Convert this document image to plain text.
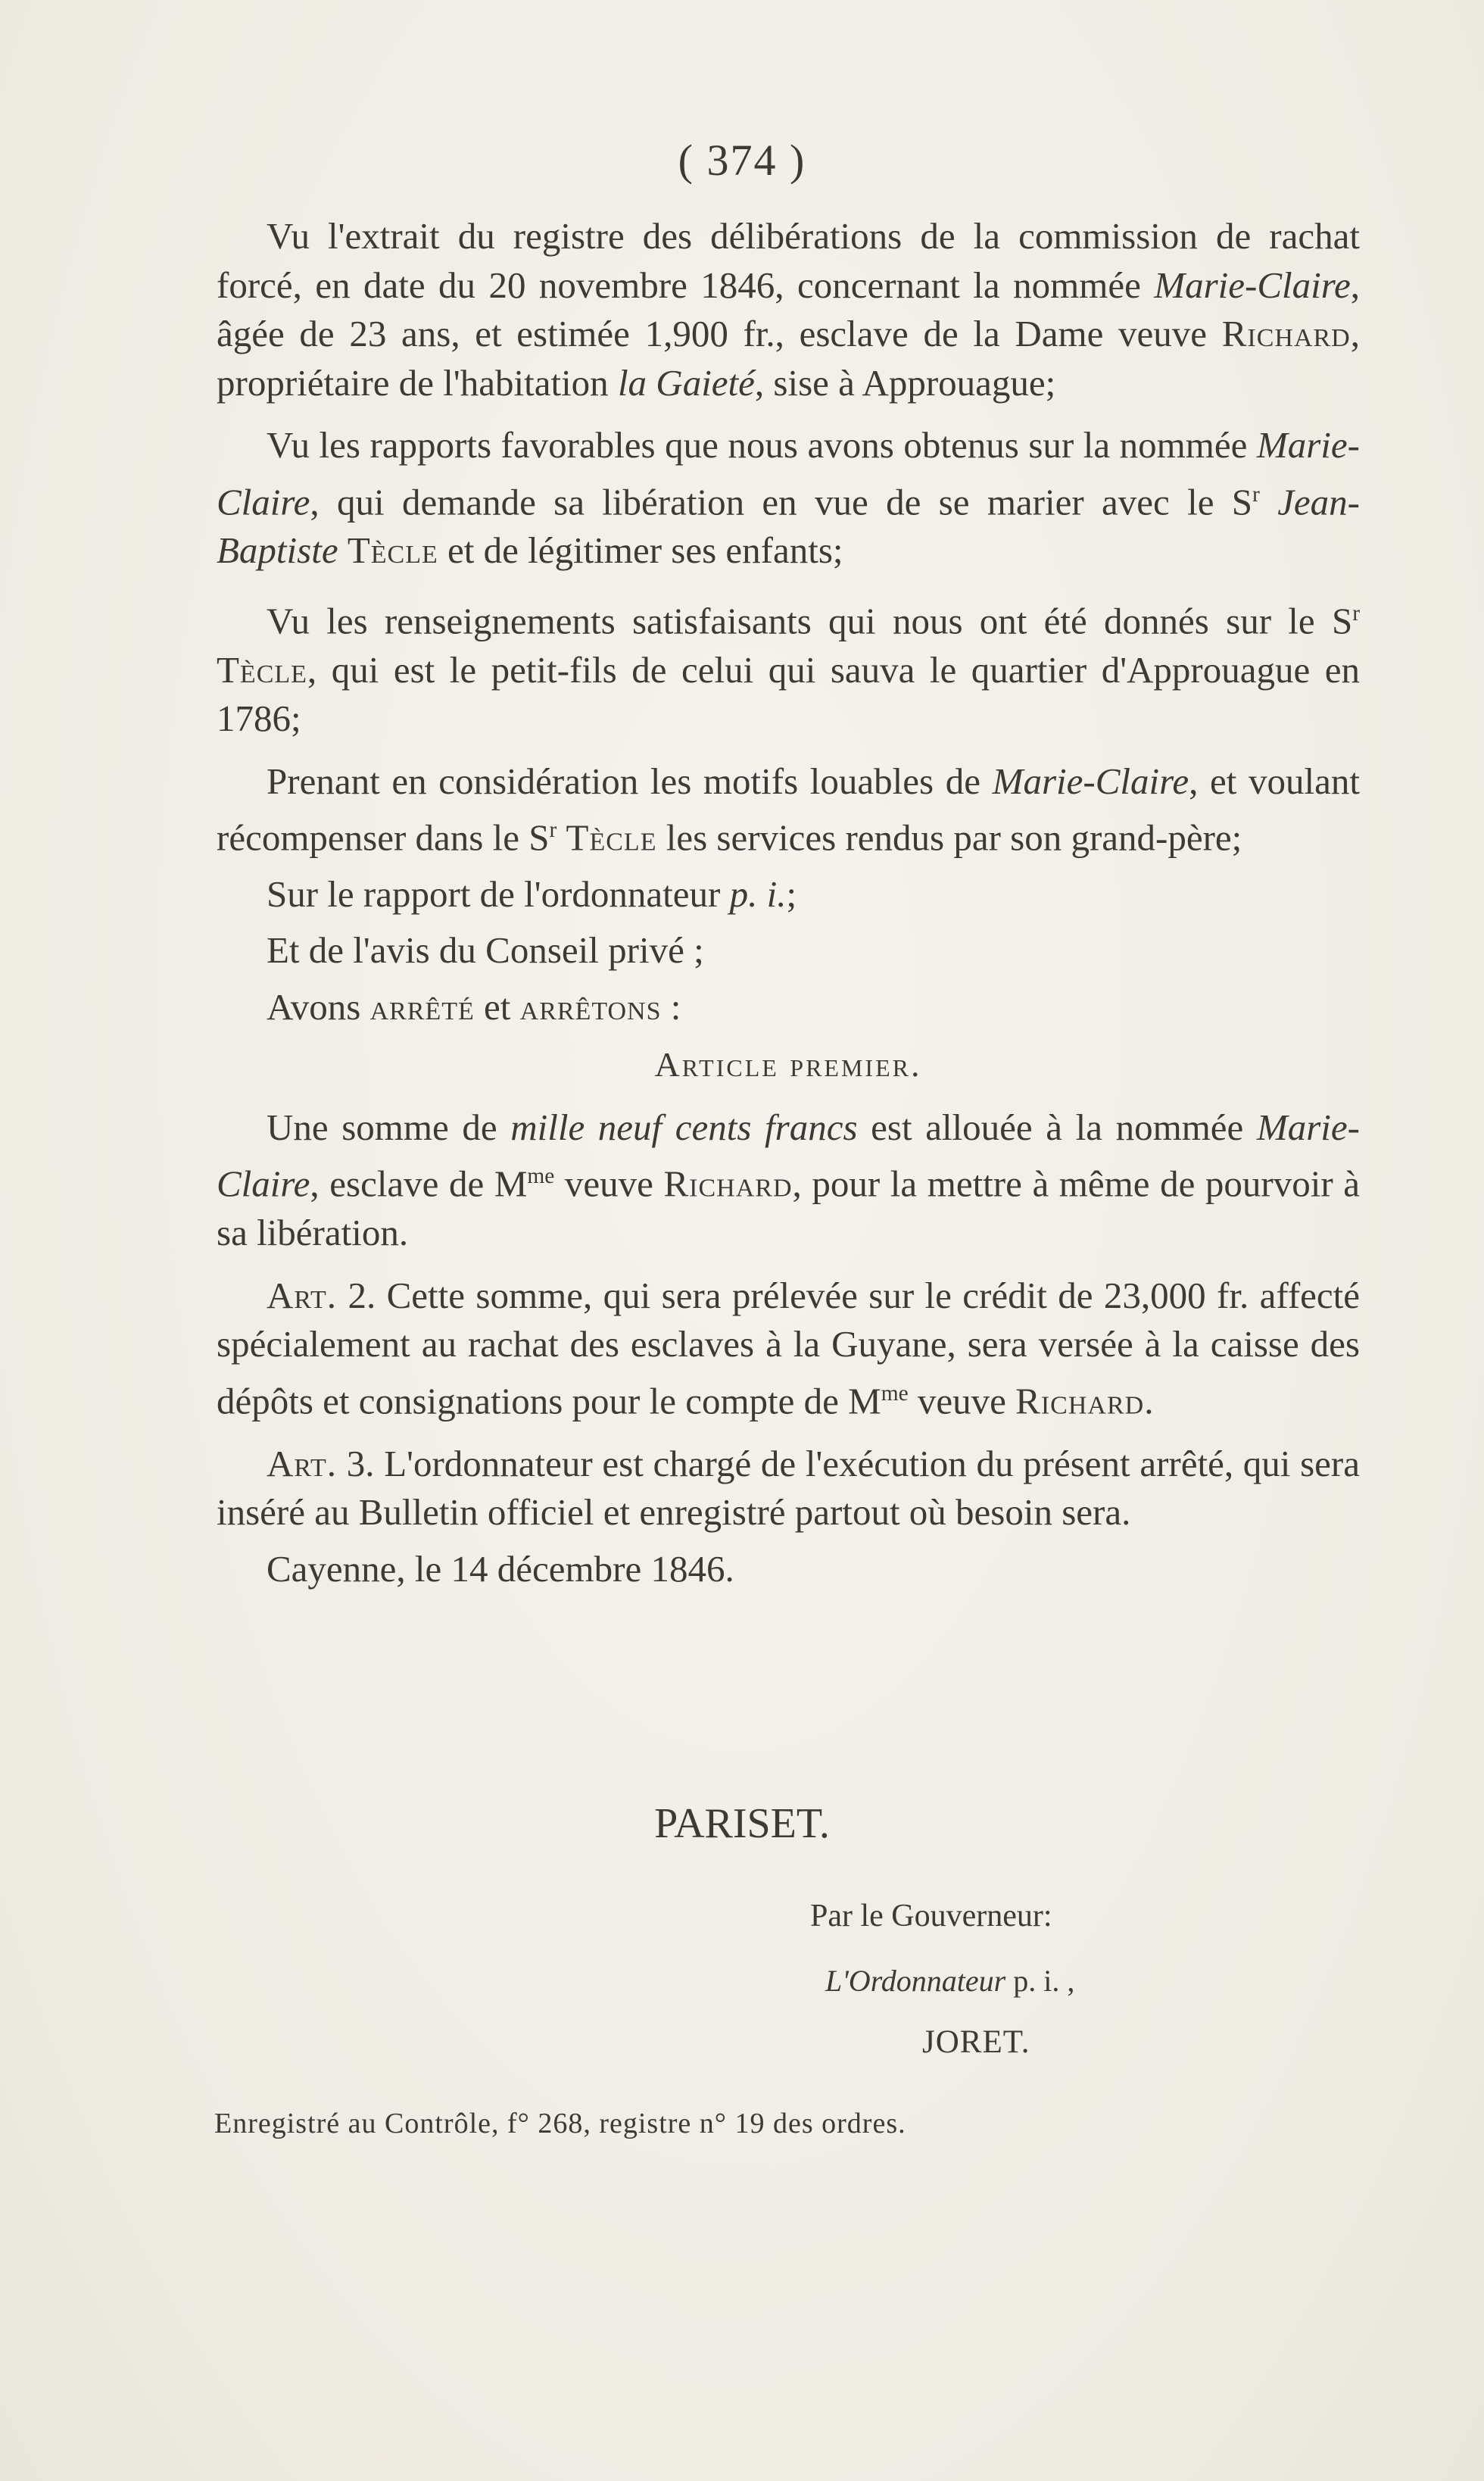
( 374 )

Vu l'extrait du registre des délibérations de la commission de rachat forcé, en date du 20 novembre 1846, concernant la nommée Marie-Claire, âgée de 23 ans, et estimée 1,900 fr., esclave de la Dame veuve Richard, propriétaire de l'habitation la Gaieté, sise à Approuague;

Vu les rapports favorables que nous avons obtenus sur la nommée Marie-Claire, qui demande sa libération en vue de se marier avec le $S^r$ Jean-Baptiste Tècle et de légitimer ses enfants;

Vu les renseignements satisfaisants qui nous ont été donnés sur le $S^r$ Tècle, qui est le petit-fils de celui qui sauva le quartier d'Approuague en 1786;

Prenant en considération les motifs louables de Marie-Claire, et voulant récompenser dans le $S^r$ Tècle les services rendus par son grand-père;

Sur le rapport de l'ordonnateur p. i.;

Et de l'avis du Conseil privé ;

Avons arrêté et arrêtons :

Article premier.

Une somme de mille neuf cents francs est allouée à la nommée Marie-Claire, esclave de $M^{me}$ veuve Richard, pour la mettre à même de pourvoir à sa libération.

Art. 2. Cette somme, qui sera prélevée sur le crédit de 23,000 fr. affecté spécialement au rachat des esclaves à la Guyane, sera versée à la caisse des dépôts et consignations pour le compte de $M^{me}$ veuve Richard.

Art. 3. L'ordonnateur est chargé de l'exécution du présent arrêté, qui sera inséré au Bulletin officiel et enregistré partout où besoin sera.

Cayenne, le 14 décembre 1846.

PARISET.
Par le Gouverneur:
L'Ordonnateur p. i. ,
JORET.
Enregistré au Contrôle, f° 268, registre n° 19 des ordres.
